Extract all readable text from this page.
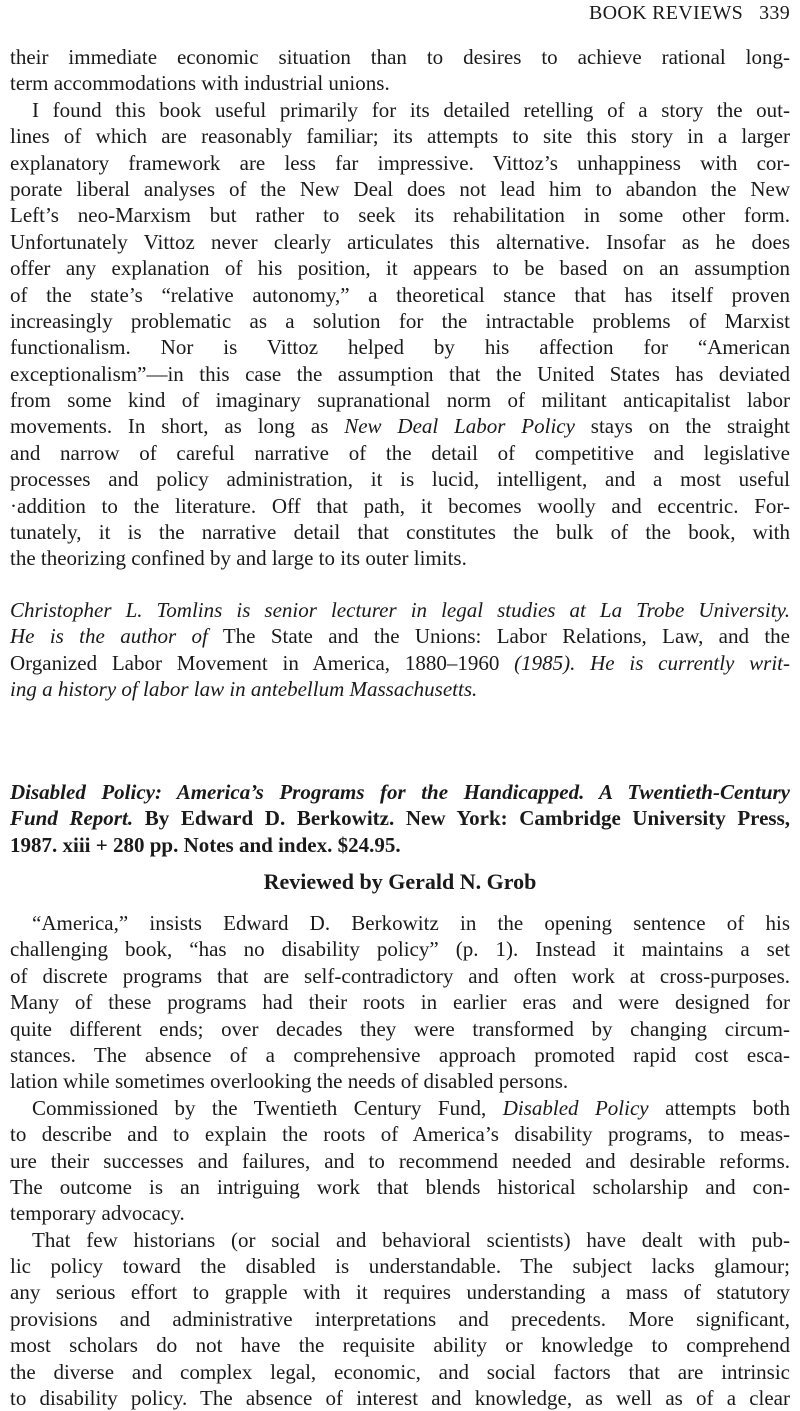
BOOK REVIEWS 339
their immediate economic situation than to desires to achieve rational long-
term accommodations with industrial unions.
I found this book useful primarily for its detailed retelling of a story the out-
lines of which are reasonably familiar; its attempts to site this story in a larger
explanatory framework are less far impressive. Vittoz’s unhappiness with cor-
porate liberal analyses of the New Deal does not lead him to abandon the New
Left’s neo-Marxism but rather to seek its rehabilitation in some other form.
Unfortunately Vittoz never clearly articulates this alternative. Insofar as he does
offer any explanation of his position, it appears to be based on an assumption
of the state’s “relative autonomy,” a theoretical stance that has itself proven
increasingly problematic as a solution for the intractable problems of Marxist
functionalism. Nor is Vittoz helped by his affection for “American
exceptionalism”—in this case the assumption that the United States has deviated
from some kind of imaginary supranational norm of militant anticapitalist labor
movements. In short, as long as New Deal Labor Policy stays on the straight
and narrow of careful narrative of the detail of competitive and legislative
processes and policy administration, it is lucid, intelligent, and a most useful
·addition to the literature. Off that path, it becomes woolly and eccentric. For-
tunately, it is the narrative detail that constitutes the bulk of the book, with
the theorizing confined by and large to its outer limits.
Christopher L. Tomlins is senior lecturer in legal studies at La Trobe University.
He is the author of The State and the Unions: Labor Relations, Law, and the
Organized Labor Movement in America, 1880–1960 (1985). He is currently writ-
ing a history of labor law in antebellum Massachusetts.
Disabled Policy: America’s Programs for the Handicapped. A Twentieth-Century
Fund Report. By Edward D. Berkowitz. New York: Cambridge University Press,
1987. xiii + 280 pp. Notes and index. $24.95.
Reviewed by Gerald N. Grob
“America,” insists Edward D. Berkowitz in the opening sentence of his
challenging book, “has no disability policy” (p. 1). Instead it maintains a set
of discrete programs that are self-contradictory and often work at cross-purposes.
Many of these programs had their roots in earlier eras and were designed for
quite different ends; over decades they were transformed by changing circum-
stances. The absence of a comprehensive approach promoted rapid cost esca-
lation while sometimes overlooking the needs of disabled persons.
Commissioned by the Twentieth Century Fund, Disabled Policy attempts both
to describe and to explain the roots of America’s disability programs, to meas-
ure their successes and failures, and to recommend needed and desirable reforms.
The outcome is an intriguing work that blends historical scholarship and con-
temporary advocacy.
That few historians (or social and behavioral scientists) have dealt with pub-
lic policy toward the disabled is understandable. The subject lacks glamour;
any serious effort to grapple with it requires understanding a mass of statutory
provisions and administrative interpretations and precedents. More significant,
most scholars do not have the requisite ability or knowledge to comprehend
the diverse and complex legal, economic, and social factors that are intrinsic
to disability policy. The absence of interest and knowledge, as well as of a clear
